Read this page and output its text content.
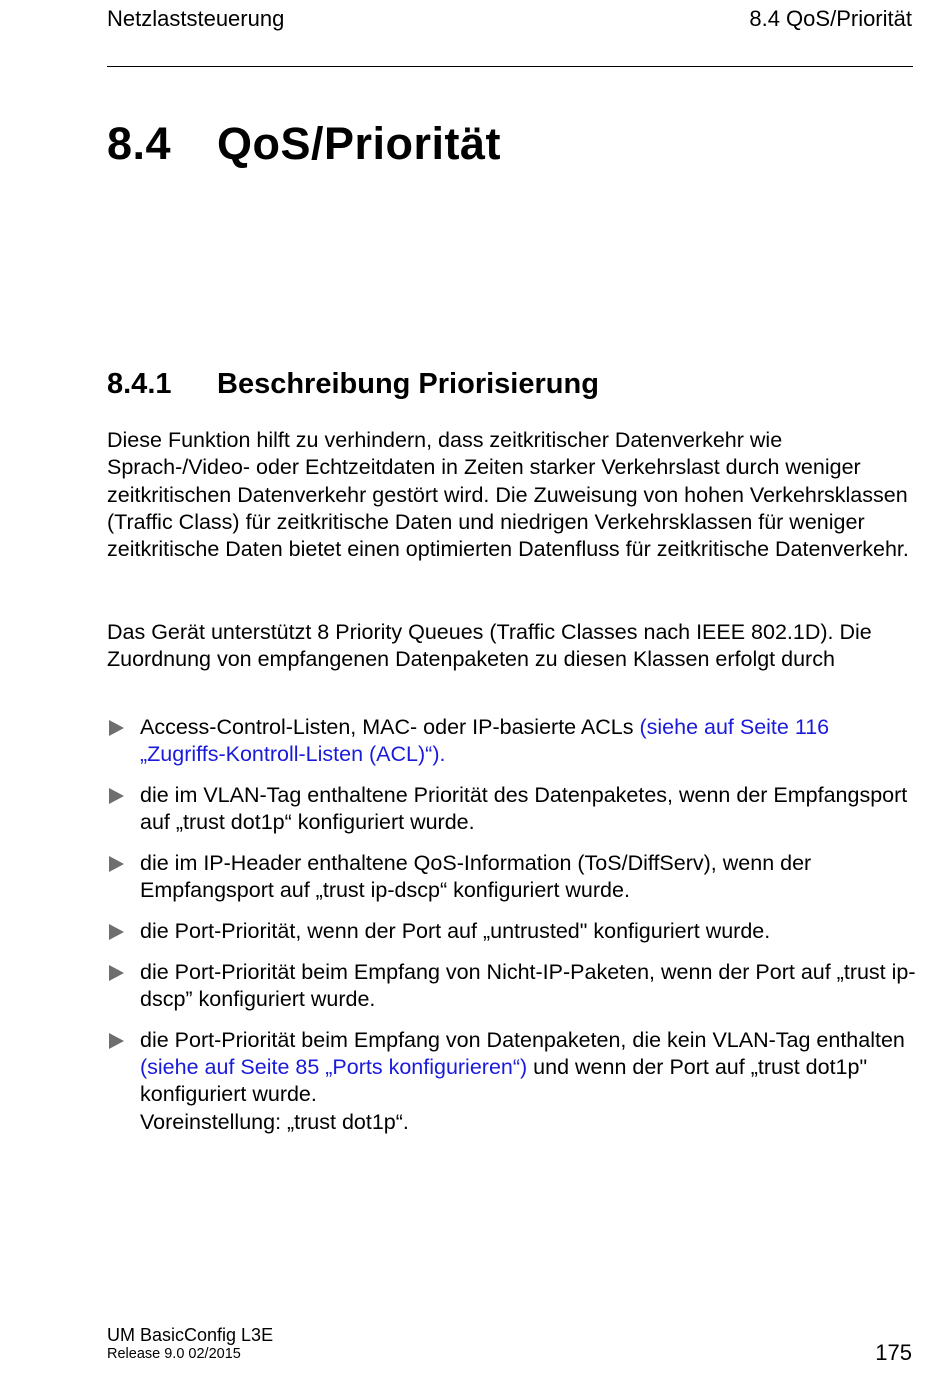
Netzlaststeuerung	8.4 QoS/Priorität
8.4 QoS/Priorität
8.4.1 Beschreibung Priorisierung
Diese Funktion hilft zu verhindern, dass zeitkritischer Datenverkehr wie Sprach-/Video- oder Echtzeitdaten in Zeiten starker Verkehrslast durch weniger zeitkritischen Datenverkehr gestört wird. Die Zuweisung von hohen Verkehrsklassen (Traffic Class) für zeitkritische Daten und niedrigen Verkehrsklassen für weniger zeitkritische Daten bietet einen optimierten Datenfluss für zeitkritische Datenverkehr.
Das Gerät unterstützt 8 Priority Queues (Traffic Classes nach IEEE 802.1D). Die Zuordnung von empfangenen Datenpaketen zu diesen Klassen erfolgt durch
Access-Control-Listen, MAC- oder IP-basierte ACLs (siehe auf Seite 116 „Zugriffs-Kontroll-Listen (ACL)“).
die im VLAN-Tag enthaltene Priorität des Datenpaketes, wenn der Empfangsport auf „trust dot1p“ konfiguriert wurde.
die im IP-Header enthaltene QoS-Information (ToS/DiffServ), wenn der Empfangsport auf „trust ip-dscp“ konfiguriert wurde.
die Port-Priorität, wenn der Port auf „untrusted" konfiguriert wurde.
die Port-Priorität beim Empfang von Nicht-IP-Paketen, wenn der Port auf „trust ip-dscp” konfiguriert wurde.
die Port-Priorität beim Empfang von Datenpaketen, die kein VLAN-Tag enthalten (siehe auf Seite 85 „Ports konfigurieren“) und wenn der Port auf „trust dot1p" konfiguriert wurde.
Voreinstellung: „trust dot1p“.
UM BasicConfig L3E
Release 9.0 02/2015	175
